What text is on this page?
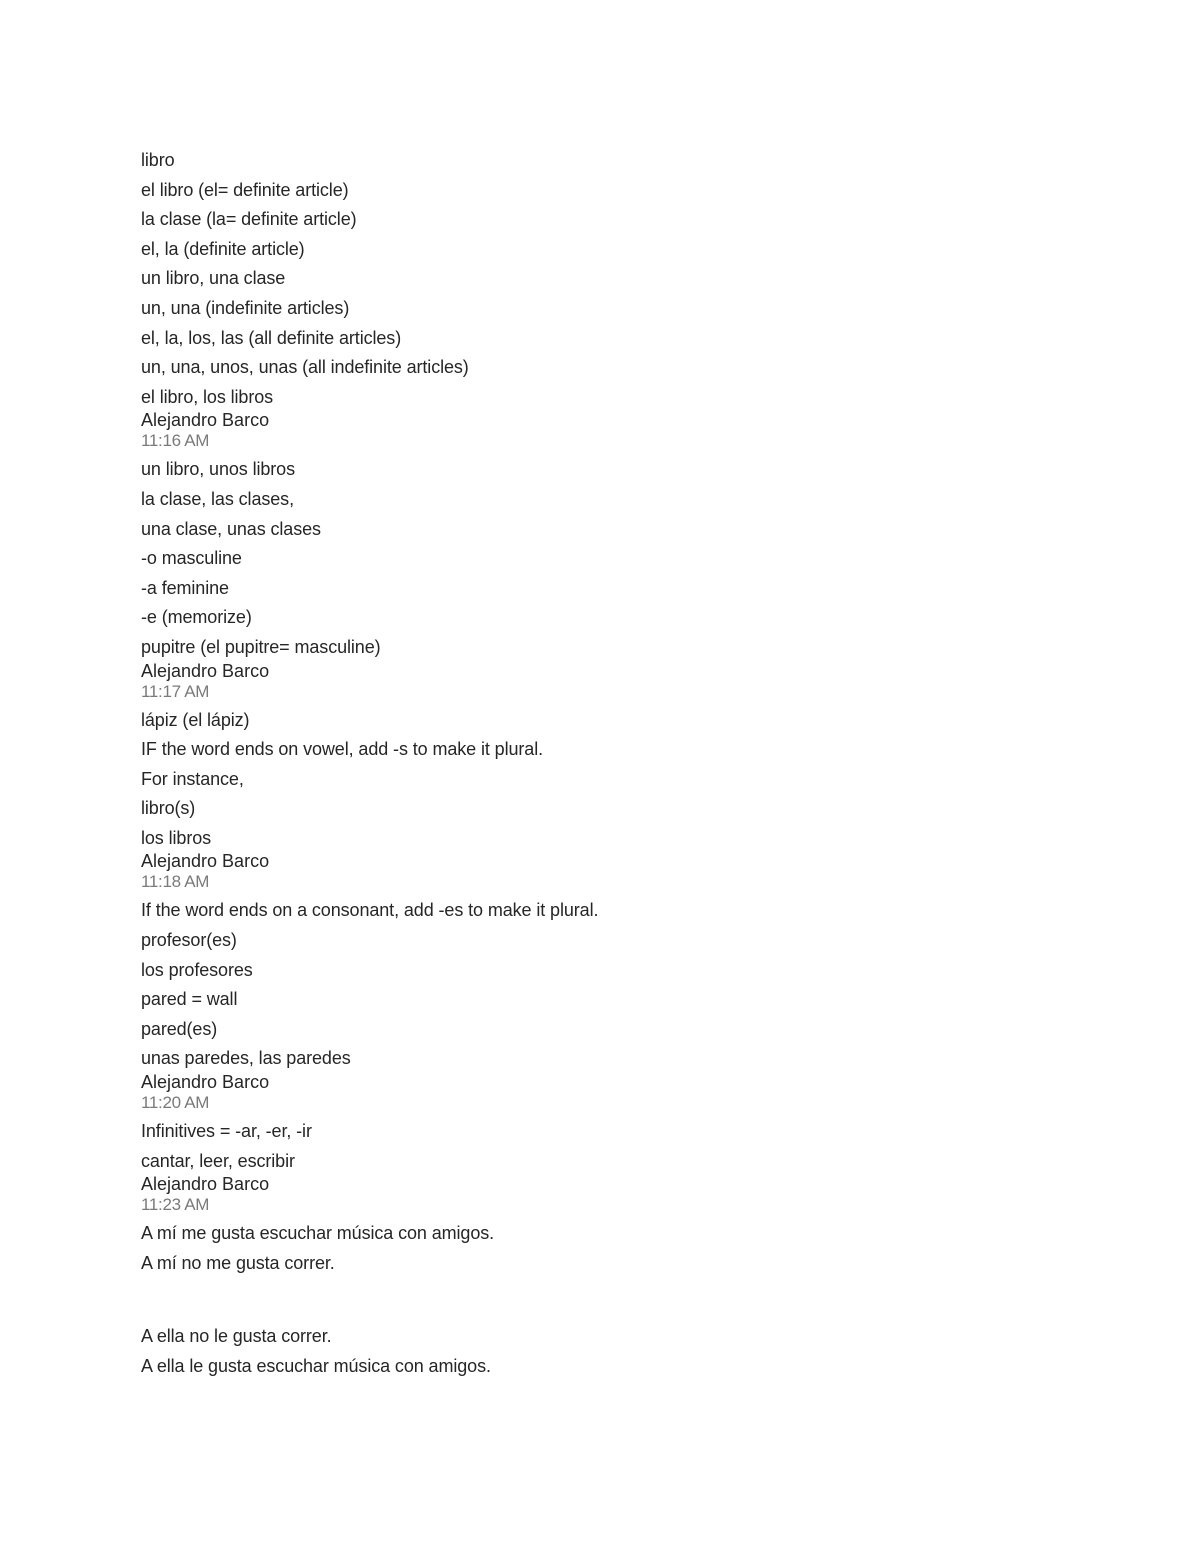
libro
el libro (el= definite article)
la clase (la= definite article)
el, la (definite article)
un libro, una clase
un, una (indefinite articles)
el, la, los, las (all definite articles)
un, una, unos, unas (all indefinite articles)
el libro, los libros
Alejandro Barco
11:16 AM
un libro, unos libros
la clase, las clases,
una clase, unas clases
-o masculine
-a feminine
-e (memorize)
pupitre (el pupitre= masculine)
Alejandro Barco
11:17 AM
lápiz (el lápiz)
IF the word ends on vowel, add -s to make it plural.
For instance,
libro(s)
los libros
Alejandro Barco
11:18 AM
If the word ends on a consonant, add -es to make it plural.
profesor(es)
los profesores
pared = wall
pared(es)
unas paredes, las paredes
Alejandro Barco
11:20 AM
Infinitives = -ar, -er, -ir
cantar, leer, escribir
Alejandro Barco
11:23 AM
A mí me gusta escuchar música con amigos.
A mí no me gusta correr.
A ella no le gusta correr.
A ella le gusta escuchar música con amigos.
